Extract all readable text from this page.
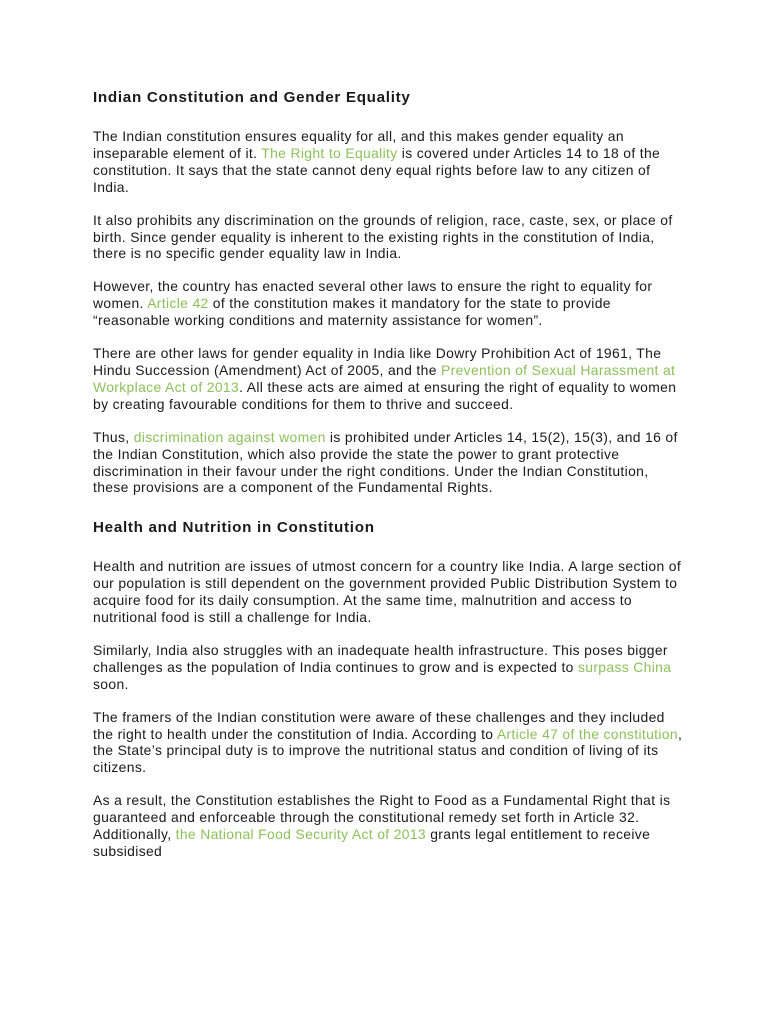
Indian Constitution and Gender Equality

The Indian constitution ensures equality for all, and this makes gender equality an inseparable element of it. The Right to Equality is covered under Articles 14 to 18 of the constitution. It says that the state cannot deny equal rights before law to any citizen of India.

It also prohibits any discrimination on the grounds of religion, race, caste, sex, or place of birth. Since gender equality is inherent to the existing rights in the constitution of India, there is no specific gender equality law in India.

However, the country has enacted several other laws to ensure the right to equality for women. Article 42 of the constitution makes it mandatory for the state to provide “reasonable working conditions and maternity assistance for women”.

There are other laws for gender equality in India like Dowry Prohibition Act of 1961, The Hindu Succession (Amendment) Act of 2005, and the Prevention of Sexual Harassment at Workplace Act of 2013. All these acts are aimed at ensuring the right of equality to women by creating favourable conditions for them to thrive and succeed.

Thus, discrimination against women is prohibited under Articles 14, 15(2), 15(3), and 16 of the Indian Constitution, which also provide the state the power to grant protective discrimination in their favour under the right conditions. Under the Indian Constitution, these provisions are a component of the Fundamental Rights.

Health and Nutrition in Constitution

Health and nutrition are issues of utmost concern for a country like India. A large section of our population is still dependent on the government provided Public Distribution System to acquire food for its daily consumption. At the same time, malnutrition and access to nutritional food is still a challenge for India.

Similarly, India also struggles with an inadequate health infrastructure. This poses bigger challenges as the population of India continues to grow and is expected to surpass China soon.

The framers of the Indian constitution were aware of these challenges and they included the right to health under the constitution of India. According to Article 47 of the constitution, the State’s principal duty is to improve the nutritional status and condition of living of its citizens.

As a result, the Constitution establishes the Right to Food as a Fundamental Right that is guaranteed and enforceable through the constitutional remedy set forth in Article 32. Additionally, the National Food Security Act of 2013 grants legal entitlement to receive subsidised
